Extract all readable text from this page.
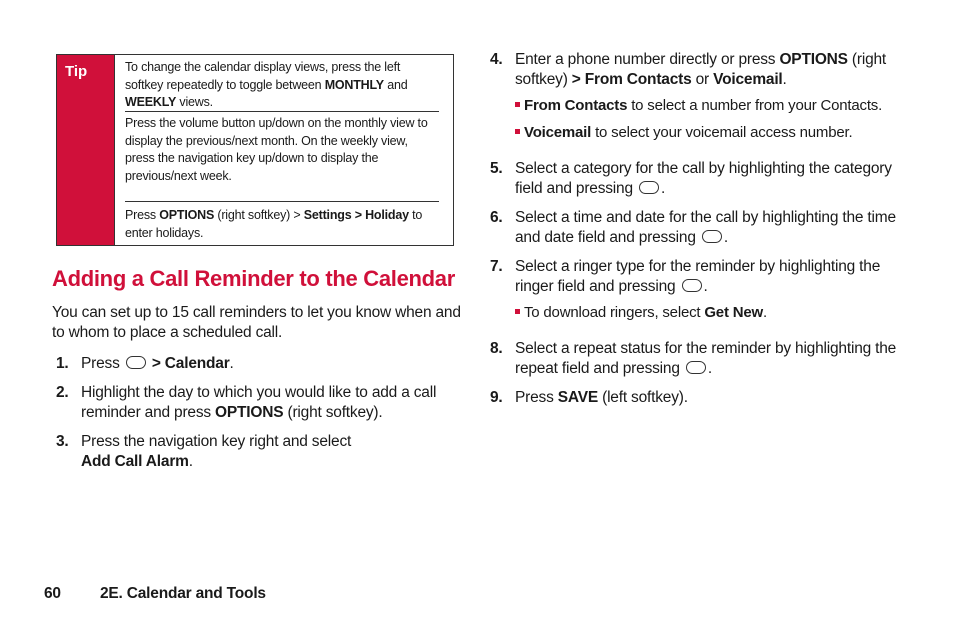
Tip	To change the calendar display views, press the left softkey repeatedly to toggle between MONTHLY and WEEKLY views.
Press the volume button up/down on the monthly view to display the previous/next month. On the weekly view, press the navigation key up/down to display the previous/next week.
Press OPTIONS (right softkey) > Settings > Holiday to enter holidays.
Adding a Call Reminder to the Calendar
You can set up to 15 call reminders to let you know when and to whom to place a scheduled call.
1. Press  > Calendar.
2. Highlight the day to which you would like to add a call reminder and press OPTIONS (right softkey).
3. Press the navigation key right and select
Add Call Alarm.
4. Enter a phone number directly or press OPTIONS (right softkey) > From Contacts or Voicemail.
From Contacts to select a number from your Contacts.
Voicemail to select your voicemail access number.
5. Select a category for the call by highlighting the category field and pressing .
6. Select a time and date for the call by highlighting the time and date field and pressing .
7. Select a ringer type for the reminder by highlighting the ringer field and pressing .
To download ringers, select Get New.
8. Select a repeat status for the reminder by highlighting the repeat field and pressing .
9. Press SAVE (left softkey).
60	2E. Calendar and Tools
